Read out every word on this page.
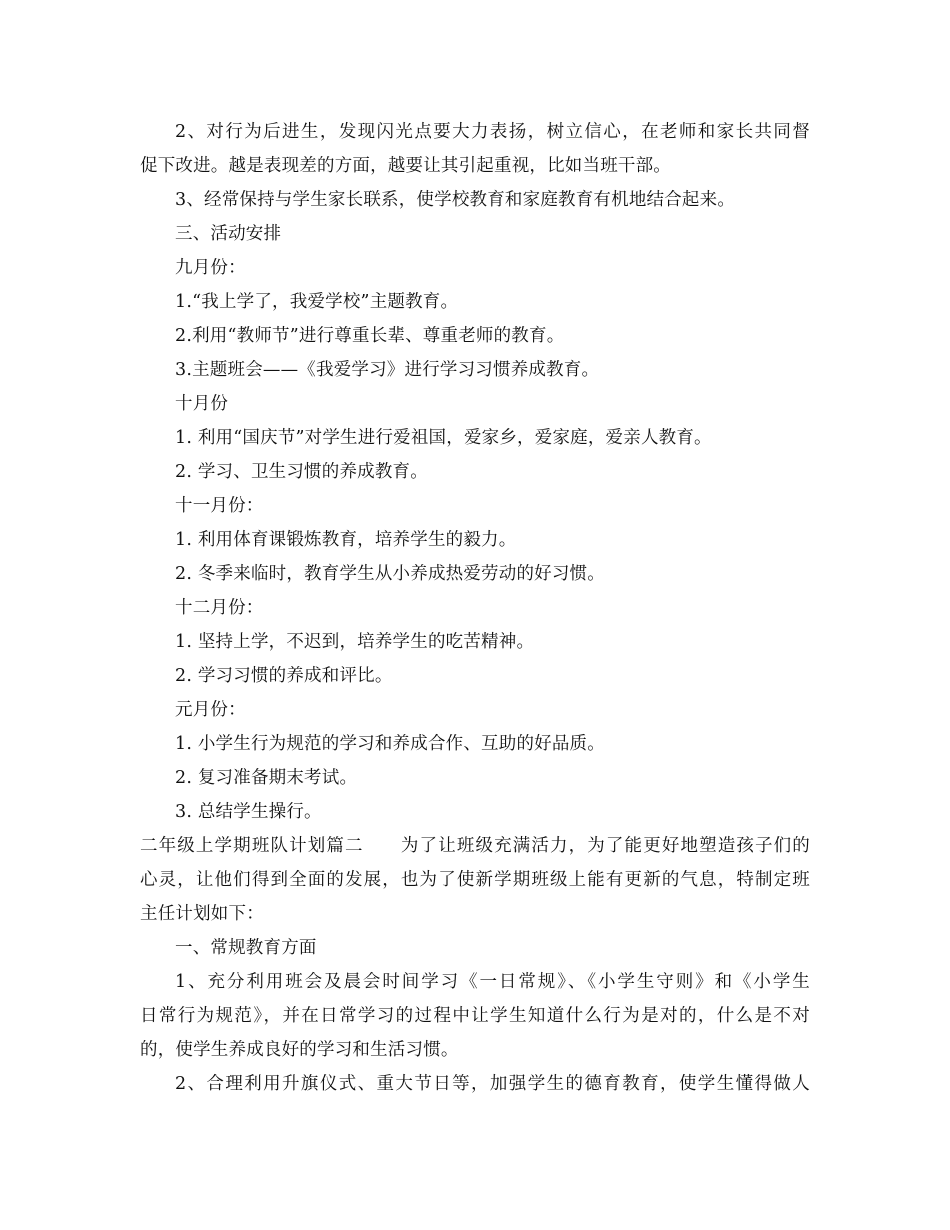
2、对行为后进生，发现闪光点要大力表扬，树立信心，在老师和家长共同督
促下改进。越是表现差的方面，越要让其引起重视，比如当班干部。
3、经常保持与学生家长联系，使学校教育和家庭教育有机地结合起来。
三、活动安排
九月份：
1.“我上学了，我爱学校”主题教育。
2.利用“教师节”进行尊重长辈、尊重老师的教育。
3.主题班会——《我爱学习》进行学习习惯养成教育。
十月份
1. 利用“国庆节”对学生进行爱祖国，爱家乡，爱家庭，爱亲人教育。
2. 学习、卫生习惯的养成教育。
十一月份：
1. 利用体育课锻炼教育，培养学生的毅力。
2. 冬季来临时，教育学生从小养成热爱劳动的好习惯。
十二月份：
1. 坚持上学，不迟到，培养学生的吃苦精神。
2. 学习习惯的养成和评比。
元月份：
1. 小学生行为规范的学习和养成合作、互助的好品质。
2. 复习准备期末考试。
3. 总结学生操行。
二年级上学期班队计划篇二　　为了让班级充满活力，为了能更好地塑造孩子们的
心灵，让他们得到全面的发展，也为了使新学期班级上能有更新的气息，特制定班
主任计划如下：
一、常规教育方面
1、充分利用班会及晨会时间学习《一日常规》、《小学生守则》和《小学生
日常行为规范》，并在日常学习的过程中让学生知道什么行为是对的，什么是不对
的，使学生养成良好的学习和生活习惯。
2、合理利用升旗仪式、重大节日等，加强学生的德育教育，使学生懂得做人
